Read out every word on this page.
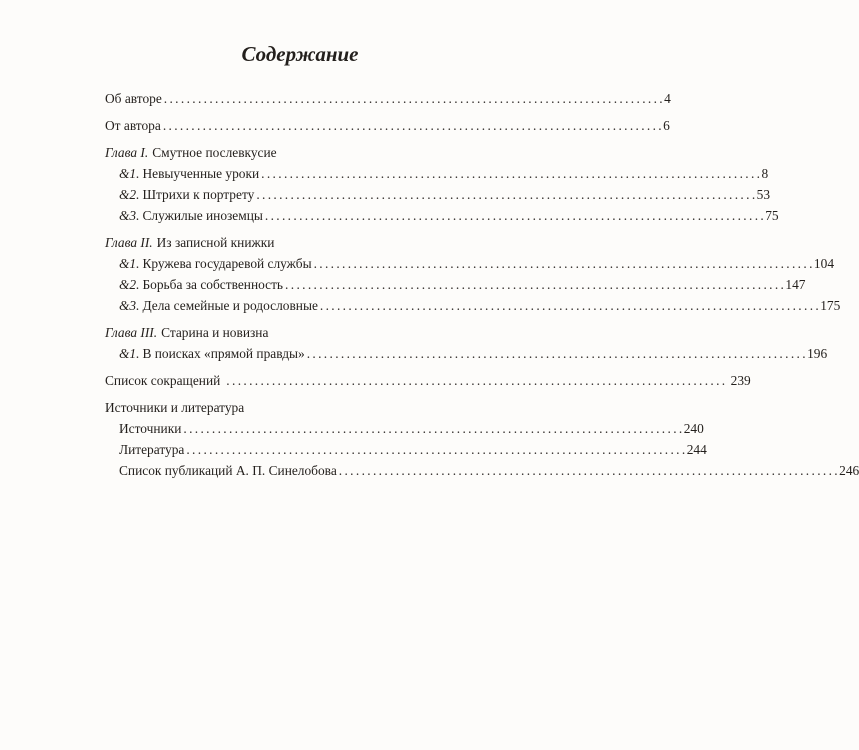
Содержание
Об авторе . . .	4
От автора . . .	6
Глава I. Смутное послевкусие
&1. Невыученные уроки . . .	8
&2. Штрихи к портрету . . .	53
&3. Служилые иноземцы . . .	75
Глава II. Из записной книжки
&1. Кружева государевой службы . . .	104
&2. Борьба за собственность . . .	147
&3. Дела семейные и родословные . . .	175
Глава III. Старина и новизна
&1. В поисках «прямой правды» . . .	196
Список сокращений . . .	239
Источники и литература
Источники . . .	240
Литература . . .	244
Список публикаций А. П. Синелобова . . .	246
